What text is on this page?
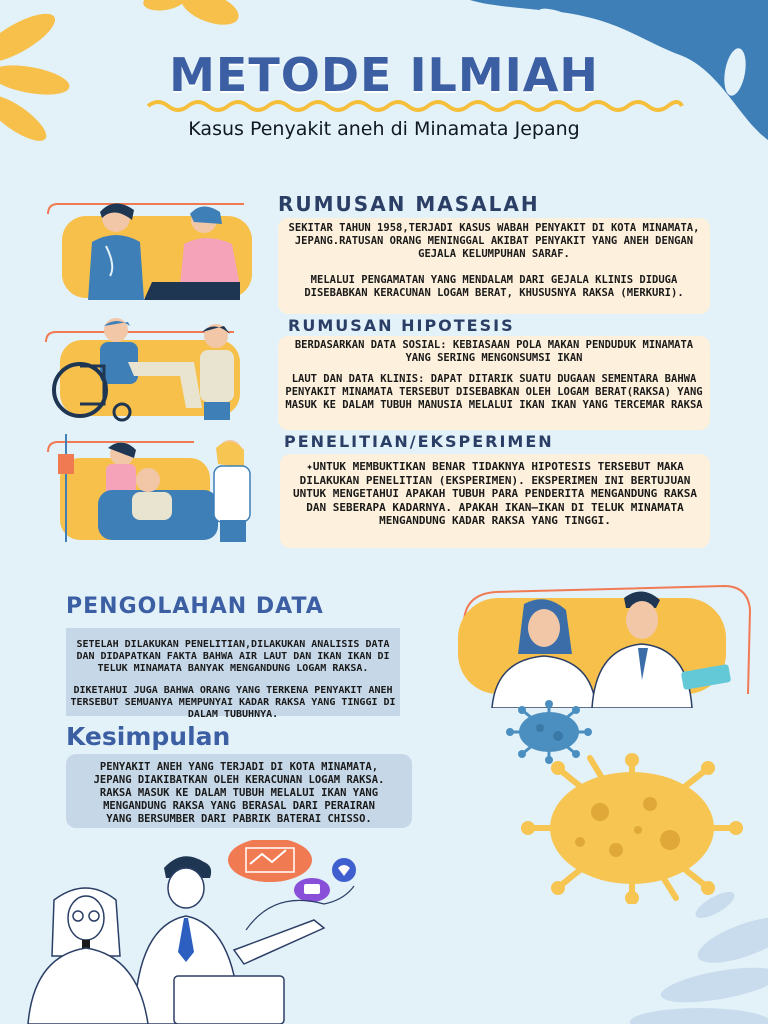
METODE ILMIAH
Kasus Penyakit aneh di Minamata Jepang
RUMUSAN MASALAH

SEKITAR TAHUN 1958,TERJADI KASUS WABAH PENYAKIT DI KOTA MINAMATA, JEPANG.RATUSAN ORANG MENINGGAL AKIBAT PENYAKIT YANG ANEH DENGAN GEJALA KELUMPUHAN SARAF.

MELALUI PENGAMATAN YANG MENDALAM DARI GEJALA KLINIS DIDUGA DISEBABKAN KERACUNAN LOGAM BERAT, KHUSUSNYA RAKSA (MERKURI).

RUMUSAN HIPOTESIS

BERDASARKAN DATA SOSIAL: KEBIASAAN POLA MAKAN PENDUDUK MINAMATA YANG SERING MENGONSUMSI IKAN

LAUT DAN DATA KLINIS: DAPAT DITARIK SUATU DUGAAN SEMENTARA BAHWA PENYAKIT MINAMATA TERSEBUT DISEBABKAN OLEH LOGAM BERAT(RAKSA) YANG MASUK KE DALAM TUBUH MANUSIA MELALUI IKAN IKAN YANG TERCEMAR RAKSA

PENELITIAN/EKSPERIMEN

✦UNTUK MEMBUKTIKAN BENAR TIDAKNYA HIPOTESIS TERSEBUT MAKA DILAKUKAN PENELITIAN (EKSPERIMEN). EKSPERIMEN INI BERTUJUAN UNTUK MENGETAHUI APAKAH TUBUH PARA PENDERITA MENGANDUNG RAKSA DAN SEBERAPA KADARNYA. APAKAH IKAN—IKAN DI TELUK MINAMATA MENGANDUNG KADAR RAKSA YANG TINGGI.

PENGOLAHAN DATA

SETELAH DILAKUKAN PENELITIAN,DILAKUKAN ANALISIS DATA DAN DIDAPATKAN FAKTA BAHWA AIR LAUT DAN IKAN IKAN DI TELUK MINAMATA BANYAK MENGANDUNG LOGAM RAKSA.

DIKETAHUI JUGA BAHWA ORANG YANG TERKENA PENYAKIT ANEH TERSEBUT SEMUANYA MEMPUNYAI KADAR RAKSA YANG TINGGI DI DALAM TUBUHNYA.

Kesimpulan

PENYAKIT ANEH YANG TERJADI DI KOTA MINAMATA, JEPANG DIAKIBATKAN OLEH KERACUNAN LOGAM RAKSA. RAKSA MASUK KE DALAM TUBUH MELALUI IKAN YANG MENGANDUNG RAKSA YANG BERASAL DARI PERAIRAN YANG BERSUMBER DARI PABRIK BATERAI CHISSO.
